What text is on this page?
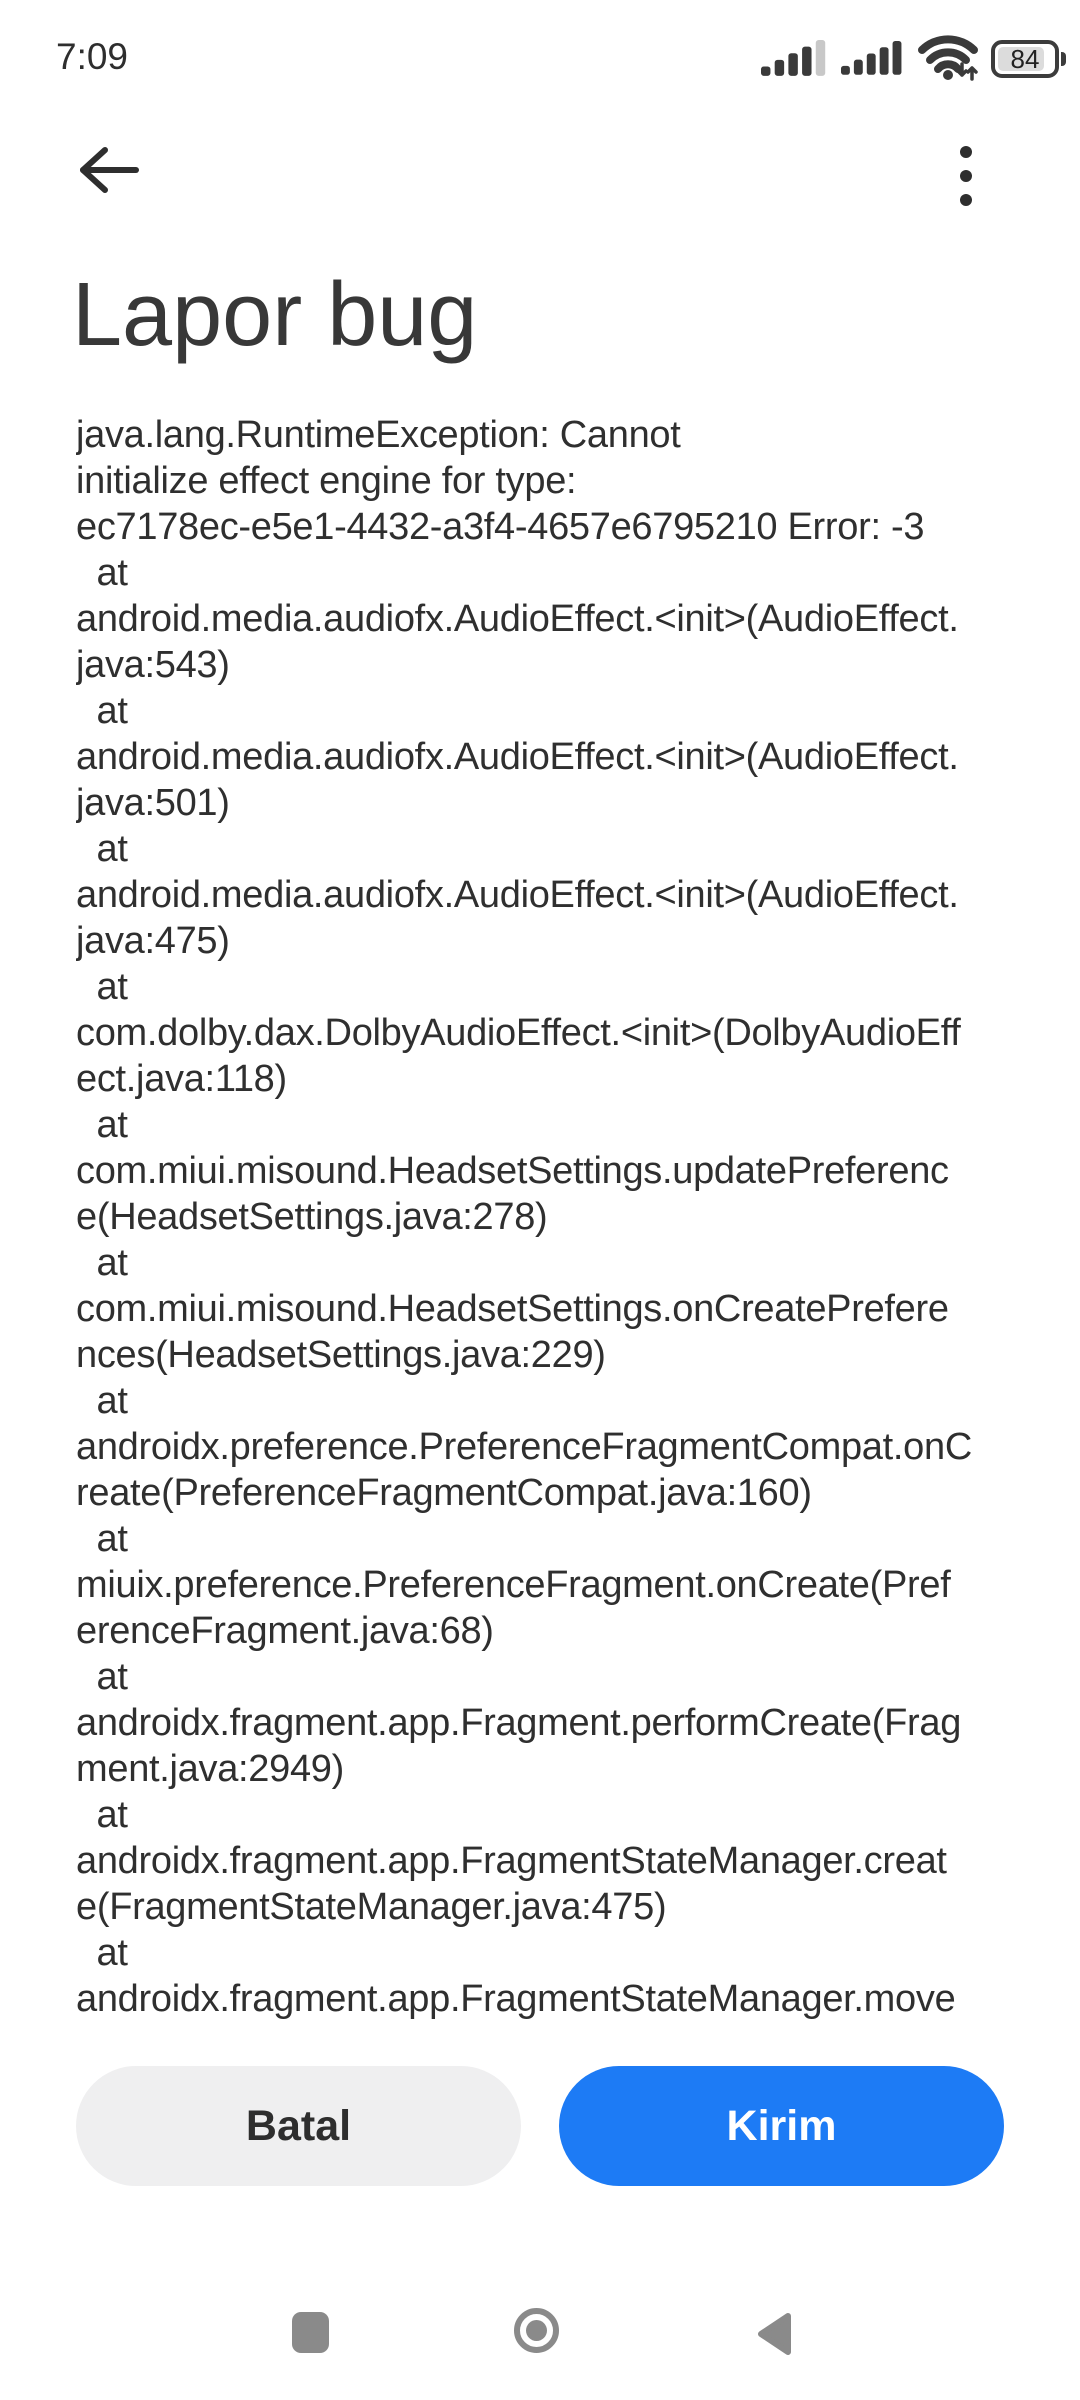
7:09	84
Lapor bug
java.lang.RuntimeException: Cannot
initialize effect engine for type:
ec7178ec-e5e1-4432-a3f4-4657e6795210 Error: -3
at
android.media.audiofx.AudioEffect.<init>(AudioEffect.
java:543)
at
android.media.audiofx.AudioEffect.<init>(AudioEffect.
java:501)
at
android.media.audiofx.AudioEffect.<init>(AudioEffect.
java:475)
at
com.dolby.dax.DolbyAudioEffect.<init>(DolbyAudioEff
ect.java:118)
at
com.miui.misound.HeadsetSettings.updatePreferenc
e(HeadsetSettings.java:278)
at
com.miui.misound.HeadsetSettings.onCreatePrefere
nces(HeadsetSettings.java:229)
at
androidx.preference.PreferenceFragmentCompat.onC
reate(PreferenceFragmentCompat.java:160)
at
miuix.preference.PreferenceFragment.onCreate(Pref
erenceFragment.java:68)
at
androidx.fragment.app.Fragment.performCreate(Frag
ment.java:2949)
at
androidx.fragment.app.FragmentStateManager.creat
e(FragmentStateManager.java:475)
at
androidx.fragment.app.FragmentStateManager.move
Batal	Kirim
